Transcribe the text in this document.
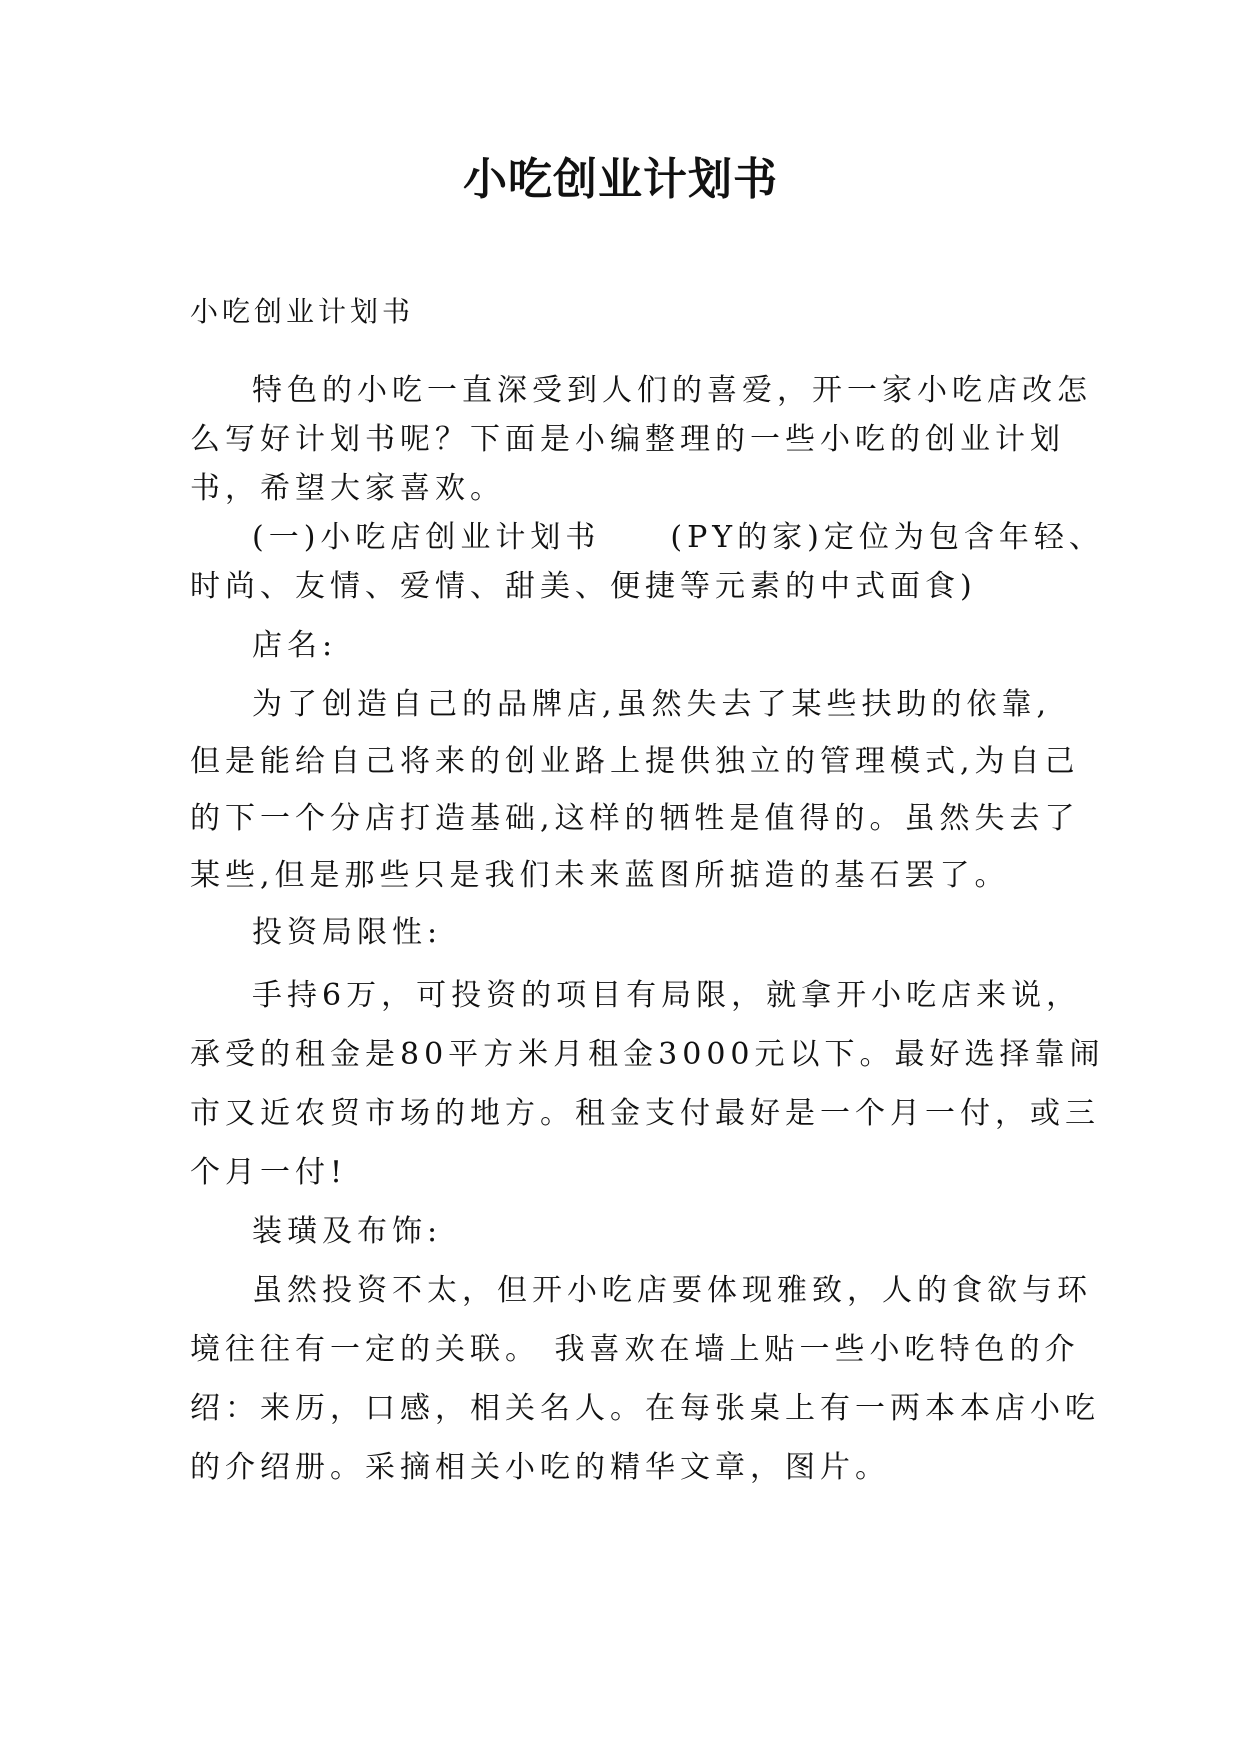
小吃创业计划书
小吃创业计划书
特色的小吃一直深受到人们的喜爱，开一家小吃店改怎
么写好计划书呢？下面是小编整理的一些小吃的创业计划
书，希望大家喜欢。
(一)小吃店创业计划书 (PY的家)定位为包含年轻、
时尚、友情、爱情、甜美、便捷等元素的中式面食)
店名:
为了创造自己的品牌店,虽然失去了某些扶助的依靠,
但是能给自己将来的创业路上提供独立的管理模式,为自己
的下一个分店打造基础,这样的牺牲是值得的。虽然失去了
某些,但是那些只是我们未来蓝图所掂造的基石罢了。
投资局限性:
手持6万，可投资的项目有局限，就拿开小吃店来说，
承受的租金是80平方米月租金3000元以下。最好选择靠闹
市又近农贸市场的地方。租金支付最好是一个月一付，或三
个月一付!
装璜及布饰:
虽然投资不太，但开小吃店要体现雅致，人的食欲与环
境往往有一定的关联。 我喜欢在墙上贴一些小吃特色的介
绍：来历，口感，相关名人。在每张桌上有一两本本店小吃
的介绍册。采摘相关小吃的精华文章，图片。
